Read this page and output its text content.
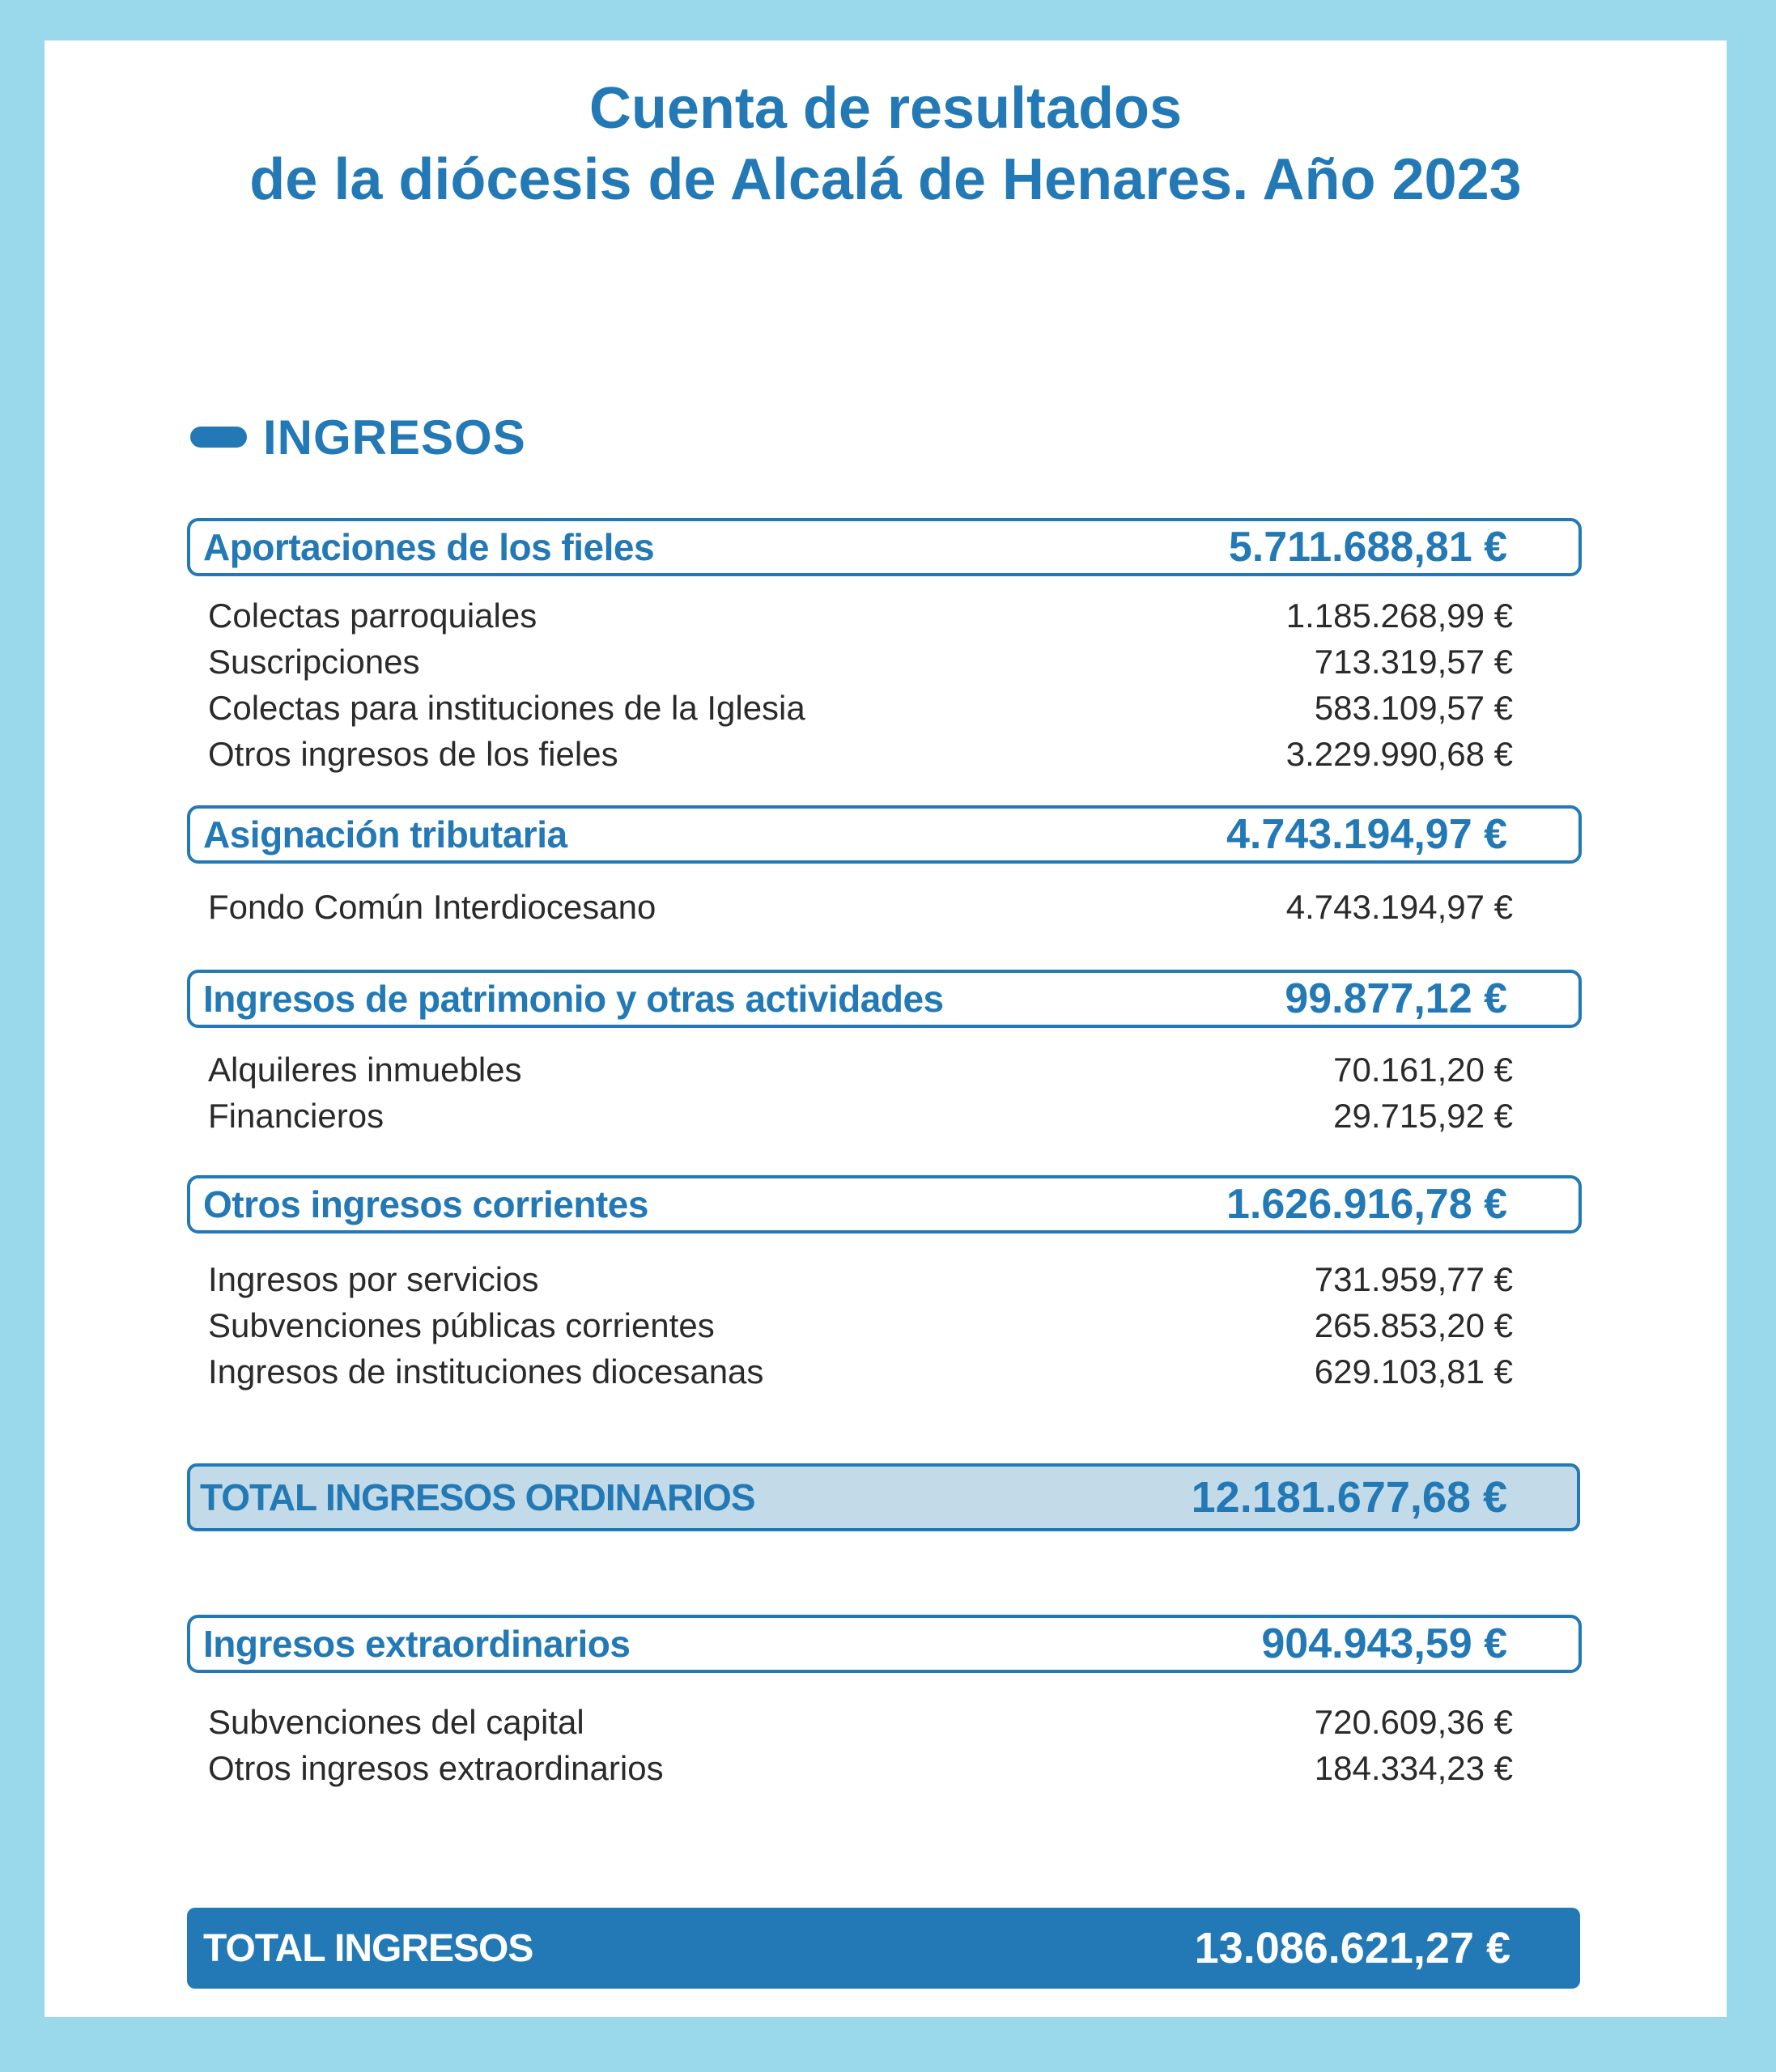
Cuenta de resultados
de la diócesis de Alcalá de Henares. Año 2023
INGRESOS
Aportaciones de los fieles	5.711.688,81 €
Colectas parroquiales	1.185.268,99 €
Suscripciones	713.319,57 €
Colectas para instituciones de la Iglesia	583.109,57 €
Otros ingresos de los fieles	3.229.990,68 €
Asignación tributaria	4.743.194,97 €
Fondo Común Interdiocesano	4.743.194,97 €
Ingresos de patrimonio y otras actividades	99.877,12 €
Alquileres inmuebles	70.161,20 €
Financieros	29.715,92 €
Otros ingresos corrientes	1.626.916,78 €
Ingresos por servicios	731.959,77 €
Subvenciones públicas corrientes	265.853,20 €
Ingresos de instituciones diocesanas	629.103,81 €
TOTAL INGRESOS ORDINARIOS	12.181.677,68 €
Ingresos extraordinarios	904.943,59 €
Subvenciones del capital	720.609,36 €
Otros ingresos extraordinarios	184.334,23 €
TOTAL INGRESOS	13.086.621,27 €
